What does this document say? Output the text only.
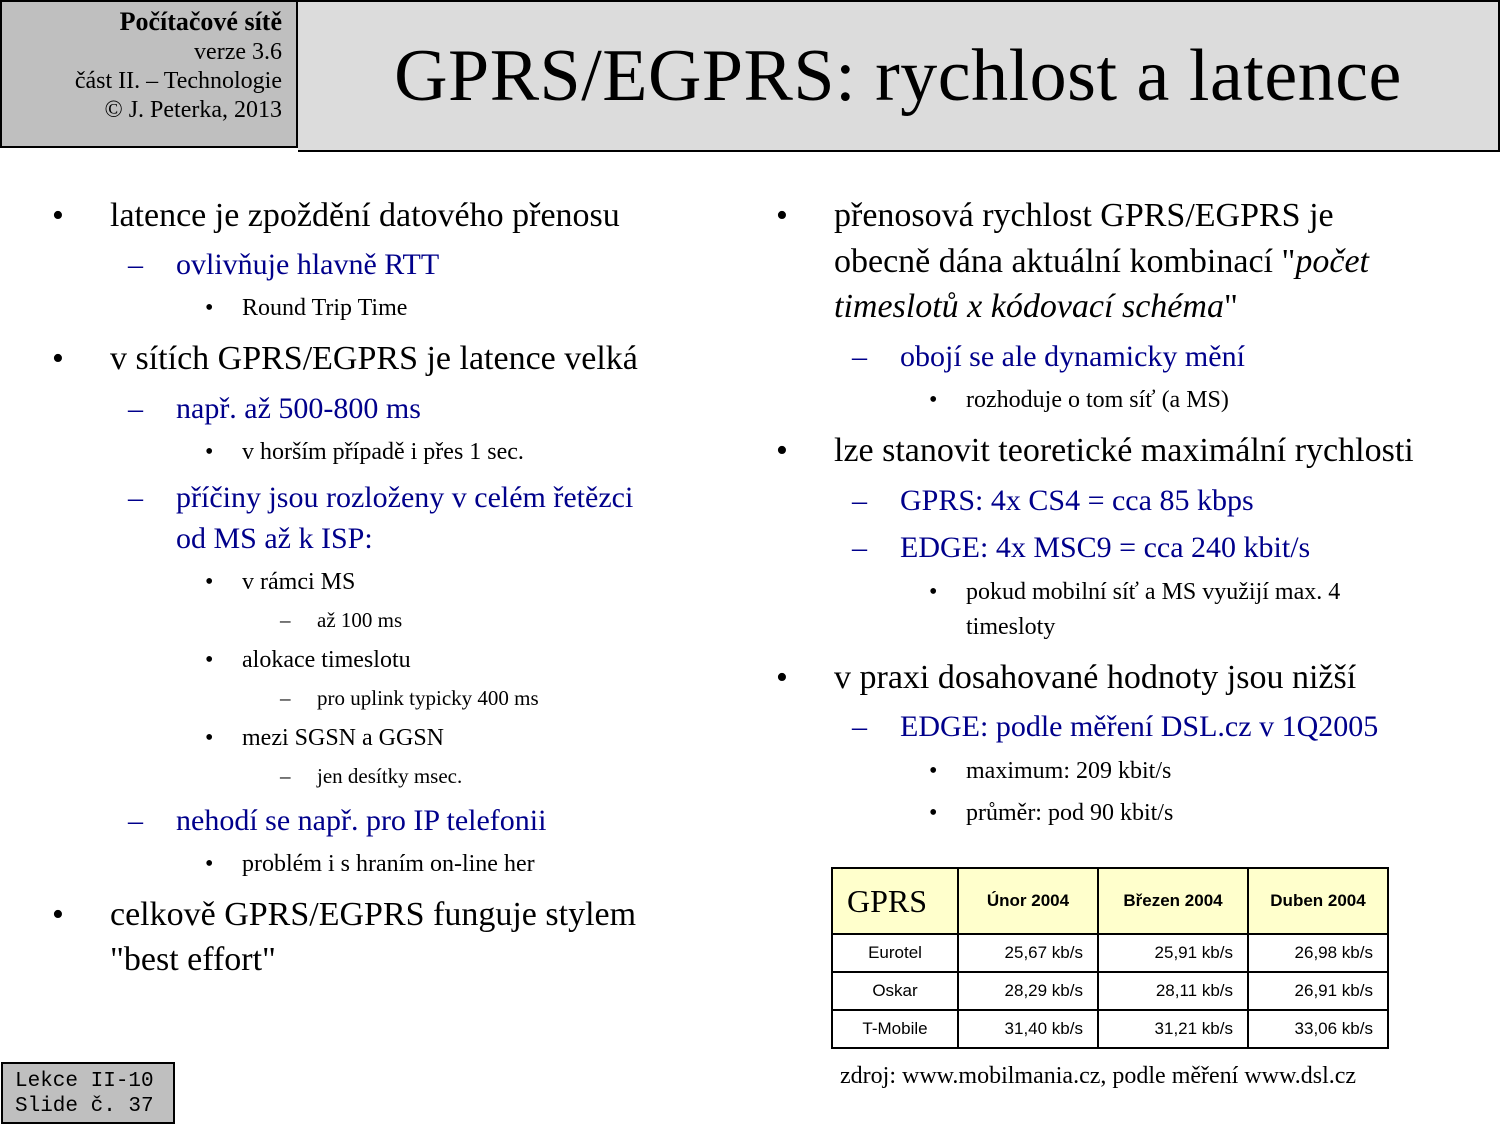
Počítačové sítě
verze 3.6
část II. – Technologie
© J. Peterka, 2013 GPRS/EGPRS: rychlost a latence
• latence je zpoždění datového přenosu
– ovlivňuje hlavně RTT
• Round Trip Time
• v sítích GPRS/EGPRS je latence velká
– např. až 500-800 ms
• v horším případě i přes 1 sec.
– příčiny jsou rozloženy v celém řetězci
od MS až k ISP:
• v rámci MS
– až 100 ms
• alokace timeslotu
– pro uplink typicky 400 ms
• mezi SGSN a GGSN
– jen desítky msec.
– nehodí se např. pro IP telefonii
• problém i s hraním on-line her
• celkově GPRS/EGPRS funguje stylem
"best effort"
• přenosová rychlost GPRS/EGPRS je
obecně dána aktuální kombinací "počet
timeslotů x kódovací schéma"
– obojí se ale dynamicky mění
• rozhoduje o tom síť (a MS)
• lze stanovit teoretické maximální rychlosti
– GPRS: 4x CS4 = cca 85 kbps
– EDGE: 4x MSC9 = cca 240 kbit/s
• pokud mobilní síť a MS využijí max. 4
timesloty
• v praxi dosahované hodnoty jsou nižší
– EDGE: podle měření DSL.cz v 1Q2005
• maximum: 209 kbit/s
• průměr: pod 90 kbit/s
GPRS	Únor 2004	Březen 2004	Duben 2004
Eurotel	25,67 kb/s	25,91 kb/s	26,98 kb/s
Oskar	28,29 kb/s	28,11 kb/s	26,91 kb/s
T-Mobile	31,40 kb/s	31,21 kb/s	33,06 kb/s
zdroj: www.mobilmania.cz, podle měření www.dsl.cz
Lekce II-10
Slide č. 37
